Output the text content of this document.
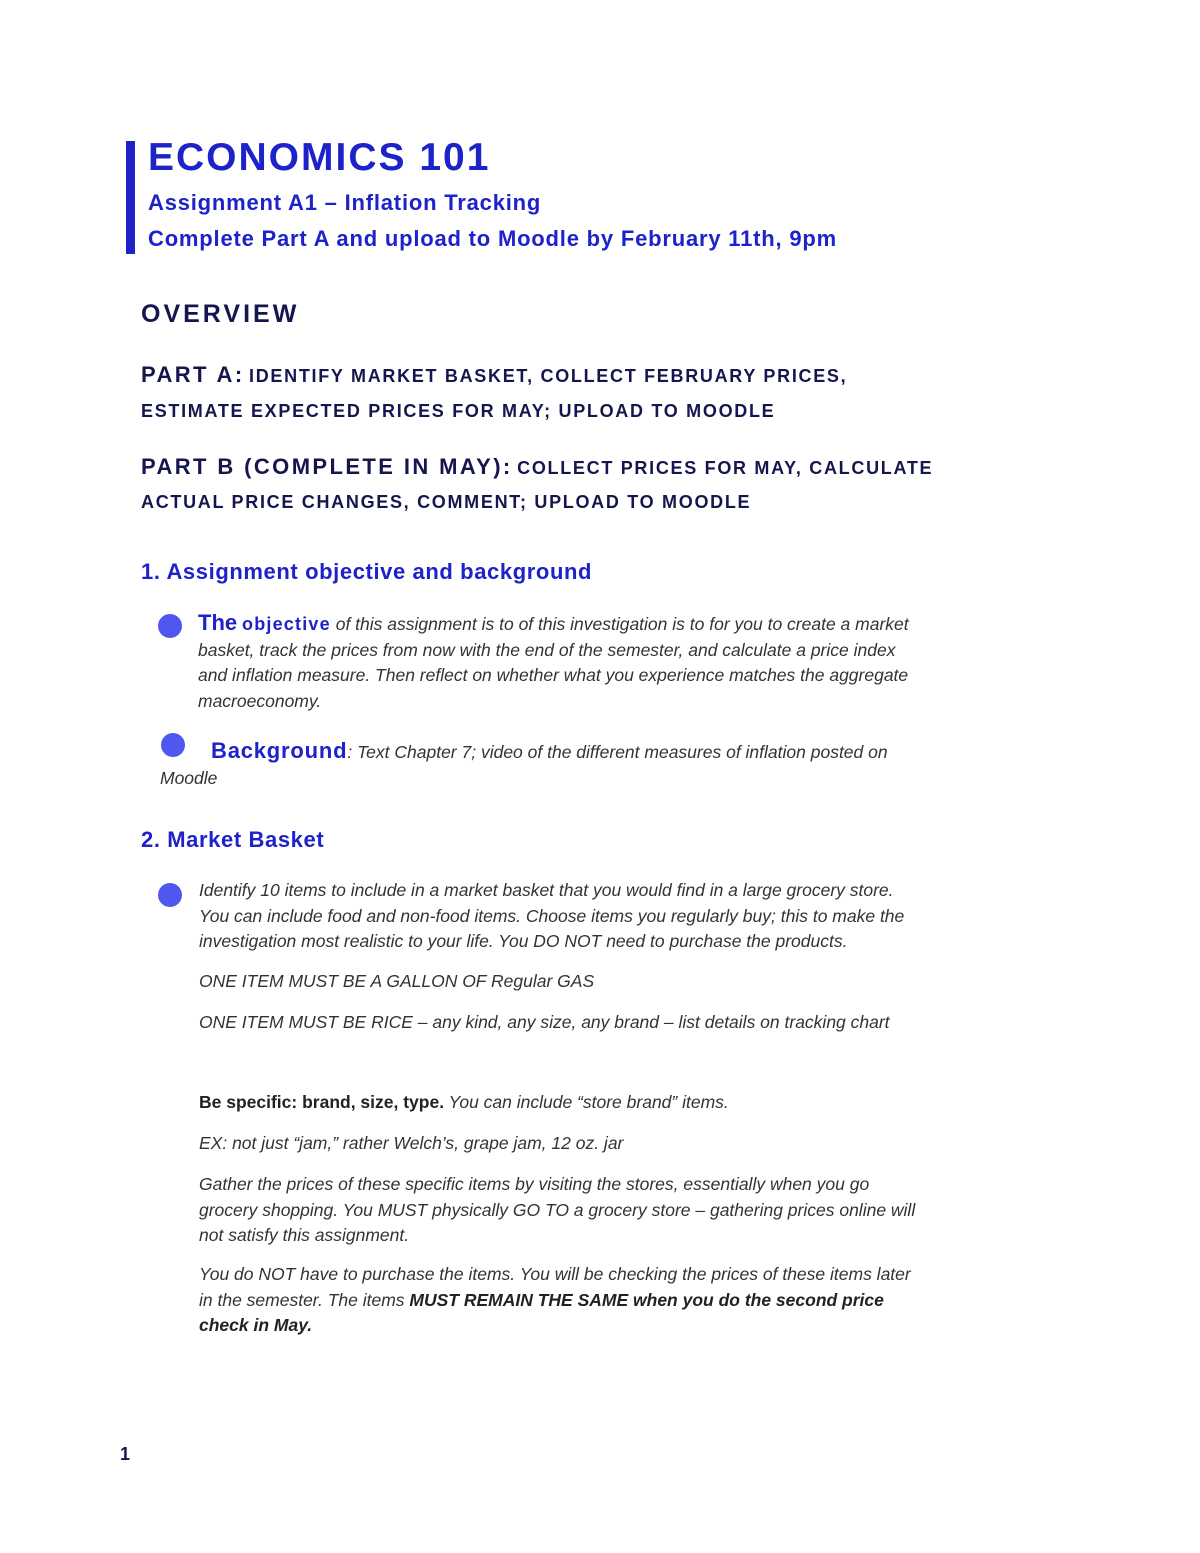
ECONOMICS 101
Assignment A1 – Inflation Tracking
Complete Part A and upload to Moodle by February 11th, 9pm
OVERVIEW
PART A: IDENTIFY MARKET BASKET, COLLECT FEBRUARY PRICES,
ESTIMATE EXPECTED PRICES FOR MAY; UPLOAD TO MOODLE
PART B (COMPLETE IN MAY): COLLECT PRICES FOR MAY, CALCULATE
ACTUAL PRICE CHANGES, COMMENT; UPLOAD TO MOODLE
1. Assignment objective and background
The objective of this assignment is to of this investigation is to for you to create a market
basket, track the prices from now with the end of the semester, and calculate a price index
and inflation measure. Then reflect on whether what you experience matches the aggregate
macroeconomy.
Background: Text Chapter 7; video of the different measures of inflation posted on
Moodle
2. Market Basket
Identify 10 items to include in a market basket that you would find in a large grocery store.
You can include food and non-food items. Choose items you regularly buy; this to make the
investigation most realistic to your life. You DO NOT need to purchase the products.
ONE ITEM MUST BE A GALLON OF Regular GAS
ONE ITEM MUST BE RICE – any kind, any size, any brand – list details on tracking chart
Be specific: brand, size, type. You can include “store brand” items.
EX: not just “jam,” rather Welch’s, grape jam, 12 oz. jar
Gather the prices of these specific items by visiting the stores, essentially when you go
grocery shopping. You MUST physically GO TO a grocery store – gathering prices online will
not satisfy this assignment.
You do NOT have to purchase the items. You will be checking the prices of these items later
in the semester. The items MUST REMAIN THE SAME when you do the second price
check in May.
1
